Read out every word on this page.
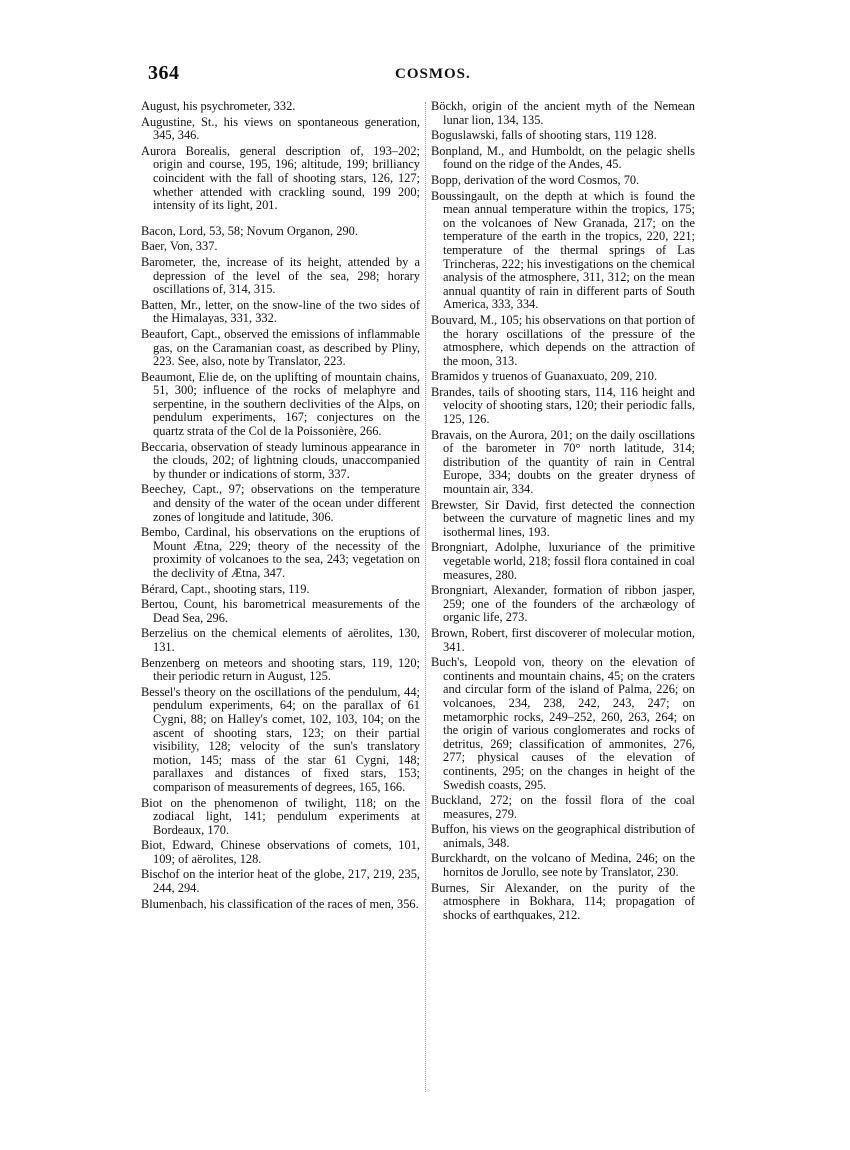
364	COSMOS.

August, his psychrometer, 332.

Augustine, St., his views on spontaneous generation, 345, 346.

Aurora Borealis, general description of, 193–202; origin and course, 195, 196; altitude, 199; brilliancy coincident with the fall of shooting stars, 126, 127; whether attended with crackling sound, 199 200; intensity of its light, 201.

Bacon, Lord, 53, 58; Novum Organon, 290.

Baer, Von, 337.

Barometer, the, increase of its height, attended by a depression of the level of the sea, 298; horary oscillations of, 314, 315.

Batten, Mr., letter, on the snow-line of the two sides of the Himalayas, 331, 332.

Beaufort, Capt., observed the emissions of inflammable gas, on the Caramanian coast, as described by Pliny, 223. See, also, note by Translator, 223.

Beaumont, Elie de, on the uplifting of mountain chains, 51, 300; influence of the rocks of melaphyre and serpentine, in the southern declivities of the Alps, on pendulum experiments, 167; conjectures on the quartz strata of the Col de la Poissonière, 266.

Beccaria, observation of steady luminous appearance in the clouds, 202; of lightning clouds, unaccompanied by thunder or indications of storm, 337.

Beechey, Capt., 97; observations on the temperature and density of the water of the ocean under different zones of longitude and latitude, 306.

Bembo, Cardinal, his observations on the eruptions of Mount Ætna, 229; theory of the necessity of the proximity of volcanoes to the sea, 243; vegetation on the declivity of Ætna, 347.

Bérard, Capt., shooting stars, 119.

Bertou, Count, his barometrical measurements of the Dead Sea, 296.

Berzelius on the chemical elements of aërolites, 130, 131.

Benzenberg on meteors and shooting stars, 119, 120; their periodic return in August, 125.

Bessel's theory on the oscillations of the pendulum, 44; pendulum experiments, 64; on the parallax of 61 Cygni, 88; on Halley's comet, 102, 103, 104; on the ascent of shooting stars, 123; on their partial visibility, 128; velocity of the sun's translatory motion, 145; mass of the star 61 Cygni, 148; parallaxes and distances of fixed stars, 153; comparison of measurements of degrees, 165, 166.

Biot on the phenomenon of twilight, 118; on the zodiacal light, 141; pendulum experiments at Bordeaux, 170.

Biot, Edward, Chinese observations of comets, 101, 109; of aërolites, 128.

Bischof on the interior heat of the globe, 217, 219, 235, 244, 294.

Blumenbach, his classification of the races of men, 356.

Böckh, origin of the ancient myth of the Nemean lunar lion, 134, 135.

Boguslawski, falls of shooting stars, 119 128.

Bonpland, M., and Humboldt, on the pelagic shells found on the ridge of the Andes, 45.

Bopp, derivation of the word Cosmos, 70.

Boussingault, on the depth at which is found the mean annual temperature within the tropics, 175; on the volcanoes of New Granada, 217; on the temperature of the earth in the tropics, 220, 221; temperature of the thermal springs of Las Trincheras, 222; his investigations on the chemical analysis of the atmosphere, 311, 312; on the mean annual quantity of rain in different parts of South America, 333, 334.

Bouvard, M., 105; his observations on that portion of the horary oscillations of the pressure of the atmosphere, which depends on the attraction of the moon, 313.

Bramidos y truenos of Guanaxuato, 209, 210.

Brandes, tails of shooting stars, 114, 116 height and velocity of shooting stars, 120; their periodic falls, 125, 126.

Bravais, on the Aurora, 201; on the daily oscillations of the barometer in 70° north latitude, 314; distribution of the quantity of rain in Central Europe, 334; doubts on the greater dryness of mountain air, 334.

Brewster, Sir David, first detected the connection between the curvature of magnetic lines and my isothermal lines, 193.

Brongniart, Adolphe, luxuriance of the primitive vegetable world, 218; fossil flora contained in coal measures, 280.

Brongniart, Alexander, formation of ribbon jasper, 259; one of the founders of the archæology of organic life, 273.

Brown, Robert, first discoverer of molecular motion, 341.

Buch's, Leopold von, theory on the elevation of continents and mountain chains, 45; on the craters and circular form of the island of Palma, 226; on volcanoes, 234, 238, 242, 243, 247; on metamorphic rocks, 249–252, 260, 263, 264; on the origin of various conglomerates and rocks of detritus, 269; classification of ammonites, 276, 277; physical causes of the elevation of continents, 295; on the changes in height of the Swedish coasts, 295.

Buckland, 272; on the fossil flora of the coal measures, 279.

Buffon, his views on the geographical distribution of animals, 348.

Burckhardt, on the volcano of Medina, 246; on the hornitos de Jorullo, see note by Translator, 230.

Burnes, Sir Alexander, on the purity of the atmosphere in Bokhara, 114; propagation of shocks of earthquakes, 212.
